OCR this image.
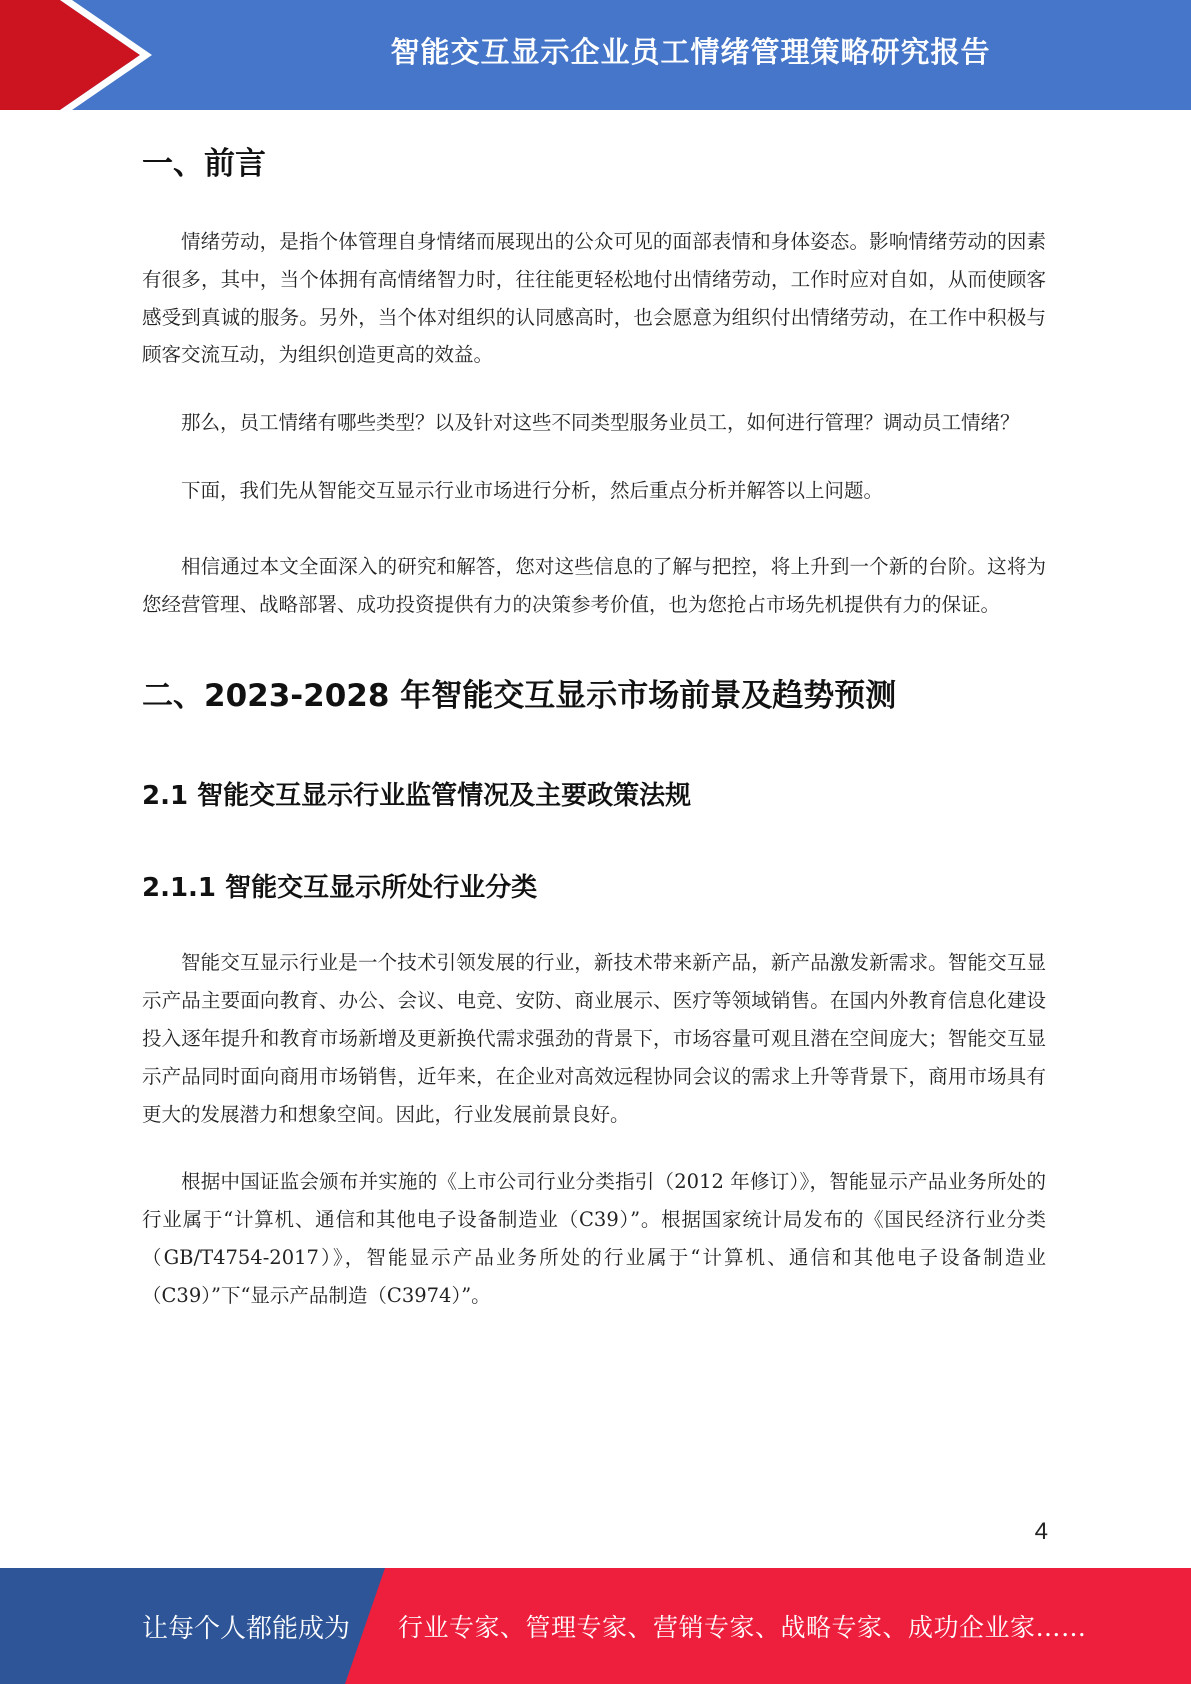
智能交互显示企业员工情绪管理策略研究报告
一、前言

情绪劳动，是指个体管理自身情绪而展现出的公众可见的面部表情和身体姿态。影响情绪劳动的因素有很多，其中，当个体拥有高情绪智力时，往往能更轻松地付出情绪劳动，工作时应对自如，从而使顾客感受到真诚的服务。另外，当个体对组织的认同感高时，也会愿意为组织付出情绪劳动，在工作中积极与顾客交流互动，为组织创造更高的效益。

那么，员工情绪有哪些类型？以及针对这些不同类型服务业员工，如何进行管理？调动员工情绪？

下面，我们先从智能交互显示行业市场进行分析，然后重点分析并解答以上问题。

相信通过本文全面深入的研究和解答，您对这些信息的了解与把控，将上升到一个新的台阶。这将为您经营管理、战略部署、成功投资提供有力的决策参考价值，也为您抢占市场先机提供有力的保证。

二、2023-2028 年智能交互显示市场前景及趋势预测
2.1 智能交互显示行业监管情况及主要政策法规
2.1.1 智能交互显示所处行业分类

智能交互显示行业是一个技术引领发展的行业，新技术带来新产品，新产品激发新需求。智能交互显示产品主要面向教育、办公、会议、电竞、安防、商业展示、医疗等领域销售。在国内外教育信息化建设投入逐年提升和教育市场新增及更新换代需求强劲的背景下，市场容量可观且潜在空间庞大；智能交互显示产品同时面向商用市场销售，近年来，在企业对高效远程协同会议的需求上升等背景下，商用市场具有更大的发展潜力和想象空间。因此，行业发展前景良好。

根据中国证监会颁布并实施的《上市公司行业分类指引（2012 年修订）》，智能显示产品业务所处的行业属于“计算机、通信和其他电子设备制造业（C39）”。根据国家统计局发布的《国民经济行业分类（GB/T4754-2017）》，智能显示产品业务所处的行业属于“计算机、通信和其他电子设备制造业（C39）”下“显示产品制造（C3974）”。

4
让每个人都能成为 行业专家、管理专家、营销专家、战略专家、成功企业家……
